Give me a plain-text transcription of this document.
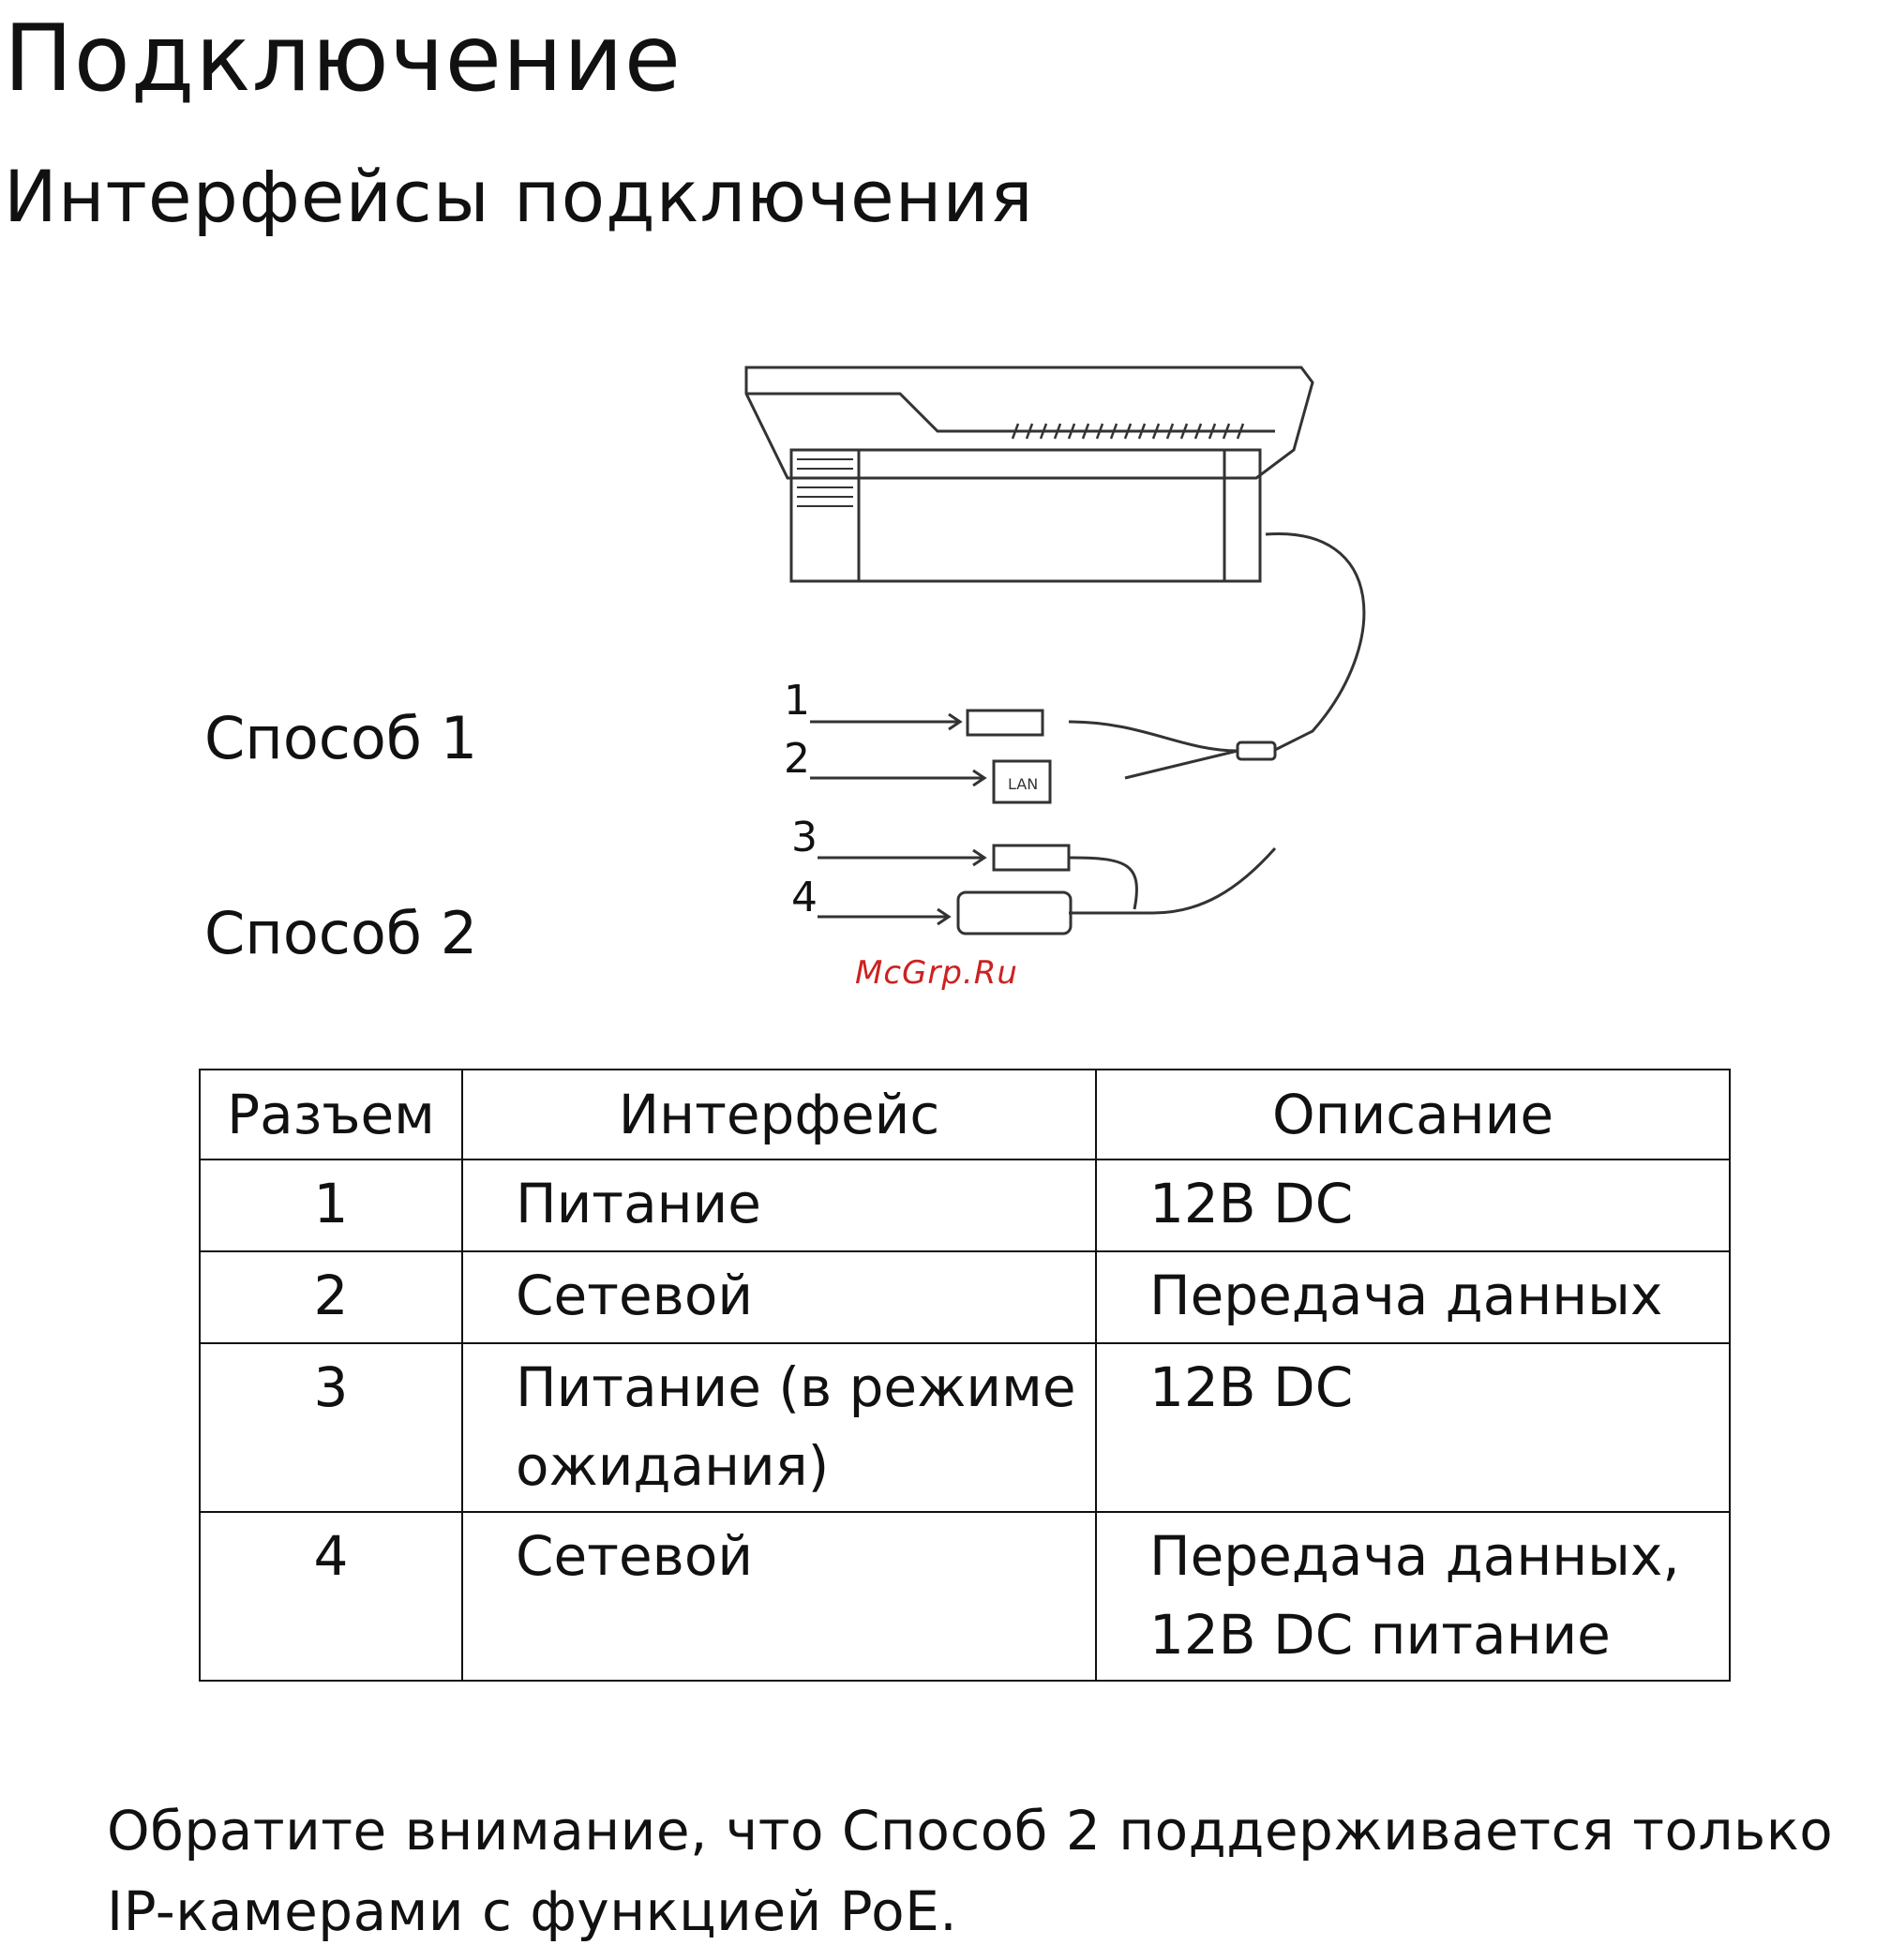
Подключение
Интерфейсы подключения
Способ 1
Способ 2
LAN
1
2
3
4
McGrp.Ru
Разъем	Интерфейс	Описание
1	Питание	12В DC
2	Сетевой	Передача данных
3	Питание (в режиме ожидания)	12В DC
4	Сетевой	Передача данных, 12В DC питание
Обратите внимание, что Способ 2 поддерживается только IP-камерами с функцией PoE.
